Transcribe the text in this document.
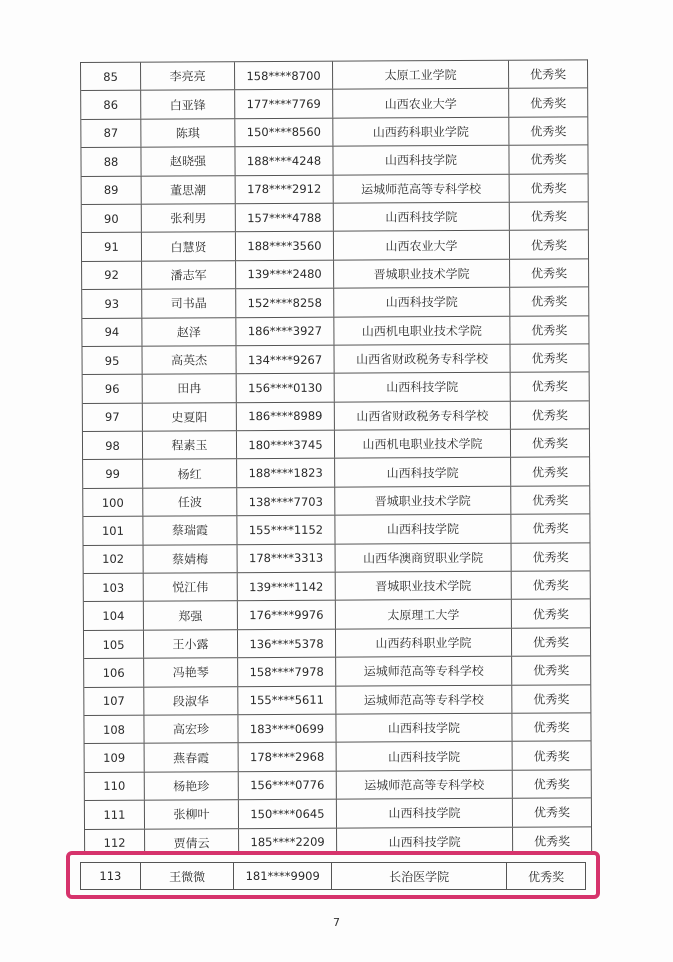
85	李亮亮	158****8700	太原工业学院	优秀奖
86	白亚锋	177****7769	山西农业大学	优秀奖
87	陈琪	150****8560	山西药科职业学院	优秀奖
88	赵晓强	188****4248	山西科技学院	优秀奖
89	董思潮	178****2912	运城师范高等专科学校	优秀奖
90	张利男	157****4788	山西科技学院	优秀奖
91	白慧贤	188****3560	山西农业大学	优秀奖
92	潘志军	139****2480	晋城职业技术学院	优秀奖
93	司书晶	152****8258	山西科技学院	优秀奖
94	赵泽	186****3927	山西机电职业技术学院	优秀奖
95	高英杰	134****9267	山西省财政税务专科学校	优秀奖
96	田冉	156****0130	山西科技学院	优秀奖
97	史夏阳	186****8989	山西省财政税务专科学校	优秀奖
98	程素玉	180****3745	山西机电职业技术学院	优秀奖
99	杨红	188****1823	山西科技学院	优秀奖
100	任波	138****7703	晋城职业技术学院	优秀奖
101	蔡瑞霞	155****1152	山西科技学院	优秀奖
102	蔡婧梅	178****3313	山西华澳商贸职业学院	优秀奖
103	悦江伟	139****1142	晋城职业技术学院	优秀奖
104	郑强	176****9976	太原理工大学	优秀奖
105	王小露	136****5378	山西药科职业学院	优秀奖
106	冯艳琴	158****7978	运城师范高等专科学校	优秀奖
107	段淑华	155****5611	运城师范高等专科学校	优秀奖
108	高宏珍	183****0699	山西科技学院	优秀奖
109	燕春霞	178****2968	山西科技学院	优秀奖
110	杨艳珍	156****0776	运城师范高等专科学校	优秀奖
111	张柳叶	150****0645	山西科技学院	优秀奖
112	贾倩云	185****2209	山西科技学院	优秀奖
113	王微微	181****9909	长治医学院	优秀奖
7
